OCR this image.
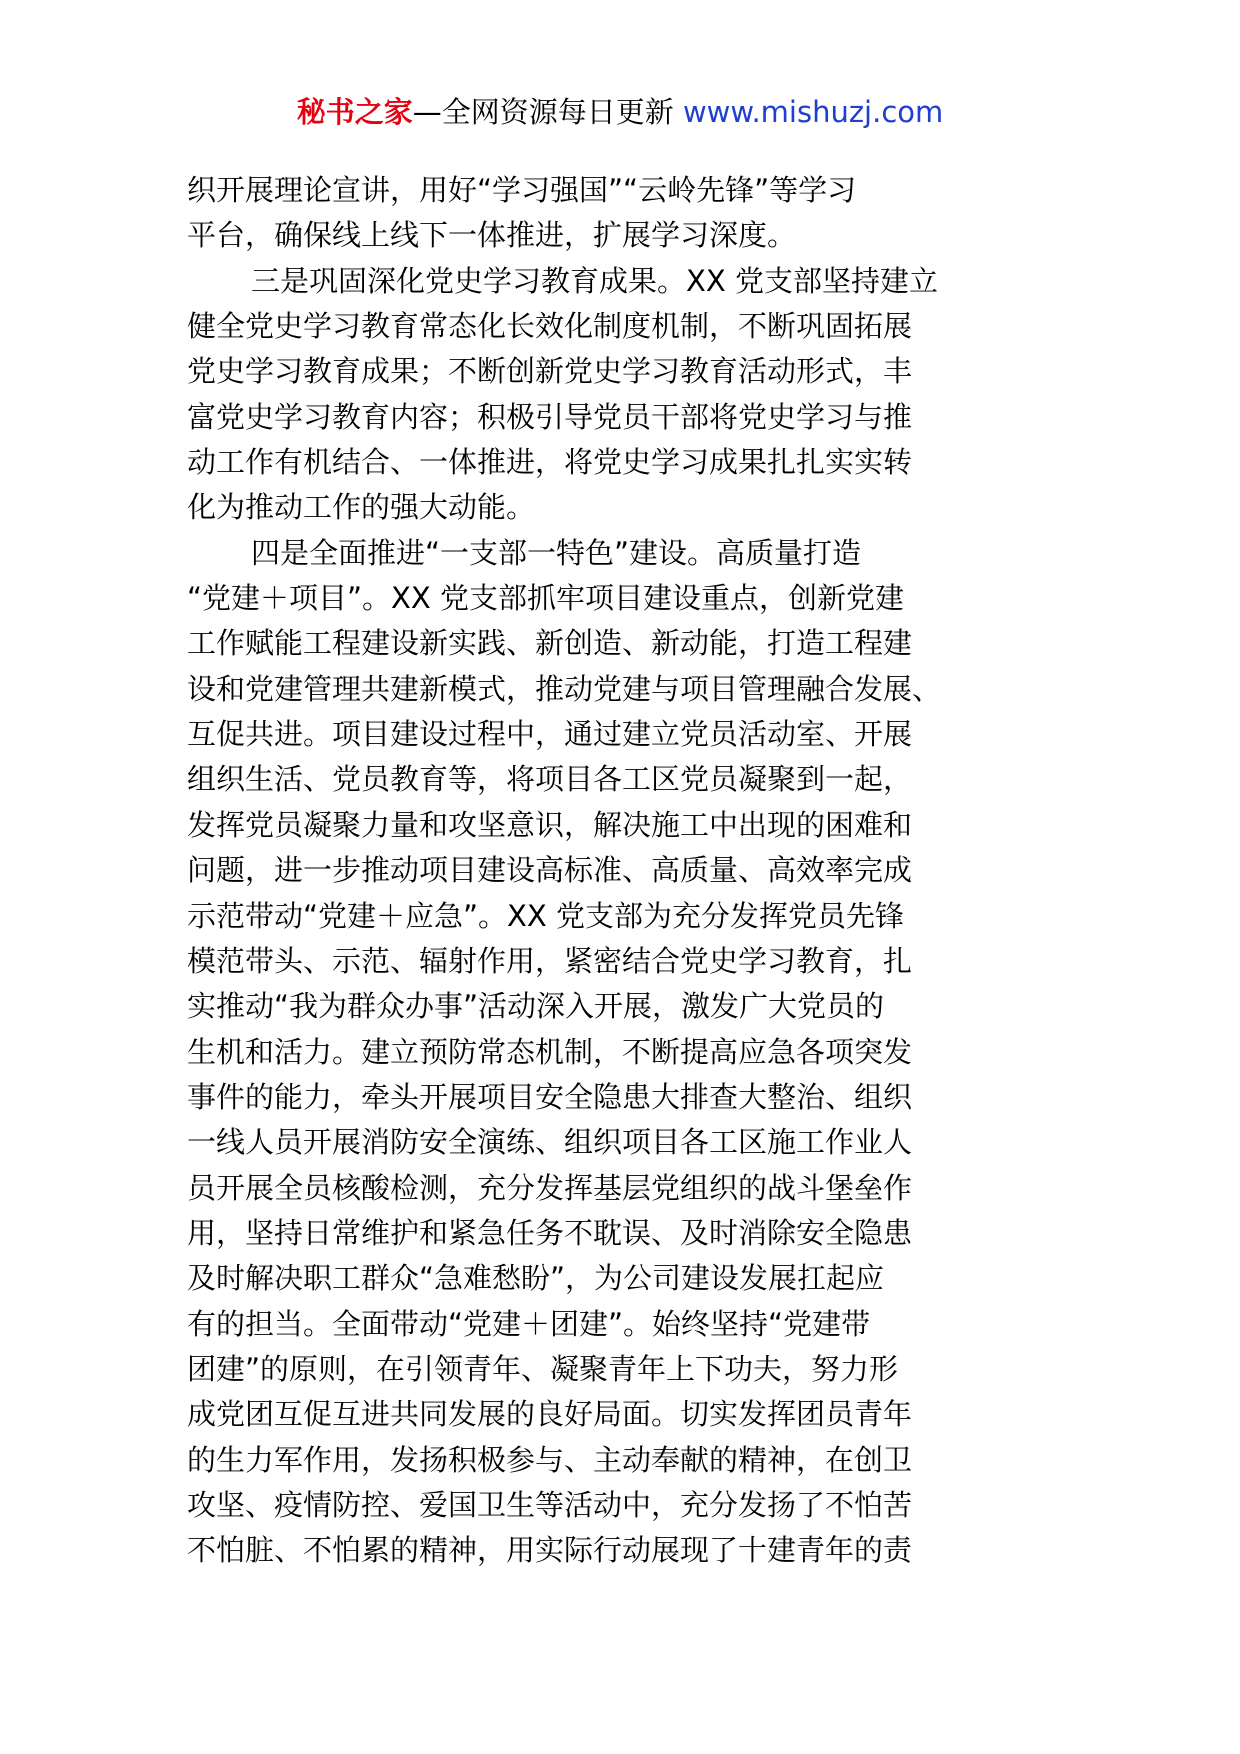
秘书之家—全网资源每日更新 www.mishuzj.com
织开展理论宣讲，用好“学习强国”“云岭先锋”等学习
平台，确保线上线下一体推进，扩展学习深度。
三是巩固深化党史学习教育成果。XX 党支部坚持建立
健全党史学习教育常态化长效化制度机制，不断巩固拓展
党史学习教育成果；不断创新党史学习教育活动形式，丰
富党史学习教育内容；积极引导党员干部将党史学习与推
动工作有机结合、一体推进，将党史学习成果扎扎实实转
化为推动工作的强大动能。
四是全面推进“一支部一特色”建设。高质量打造
“党建＋项目”。XX 党支部抓牢项目建设重点，创新党建
工作赋能工程建设新实践、新创造、新动能，打造工程建
设和党建管理共建新模式，推动党建与项目管理融合发展、
互促共进。项目建设过程中，通过建立党员活动室、开展
组织生活、党员教育等，将项目各工区党员凝聚到一起，
发挥党员凝聚力量和攻坚意识，解决施工中出现的困难和
问题，进一步推动项目建设高标准、高质量、高效率完成
示范带动“党建＋应急”。XX 党支部为充分发挥党员先锋
模范带头、示范、辐射作用，紧密结合党史学习教育，扎
实推动“我为群众办事”活动深入开展，激发广大党员的
生机和活力。建立预防常态机制，不断提高应急各项突发
事件的能力，牵头开展项目安全隐患大排查大整治、组织
一线人员开展消防安全演练、组织项目各工区施工作业人
员开展全员核酸检测，充分发挥基层党组织的战斗堡垒作
用，坚持日常维护和紧急任务不耽误、及时消除安全隐患
及时解决职工群众“急难愁盼”，为公司建设发展扛起应
有的担当。全面带动“党建＋团建”。始终坚持“党建带
团建”的原则，在引领青年、凝聚青年上下功夫，努力形
成党团互促互进共同发展的良好局面。切实发挥团员青年
的生力军作用，发扬积极参与、主动奉献的精神，在创卫
攻坚、疫情防控、爱国卫生等活动中，充分发扬了不怕苦
不怕脏、不怕累的精神，用实际行动展现了十建青年的责
